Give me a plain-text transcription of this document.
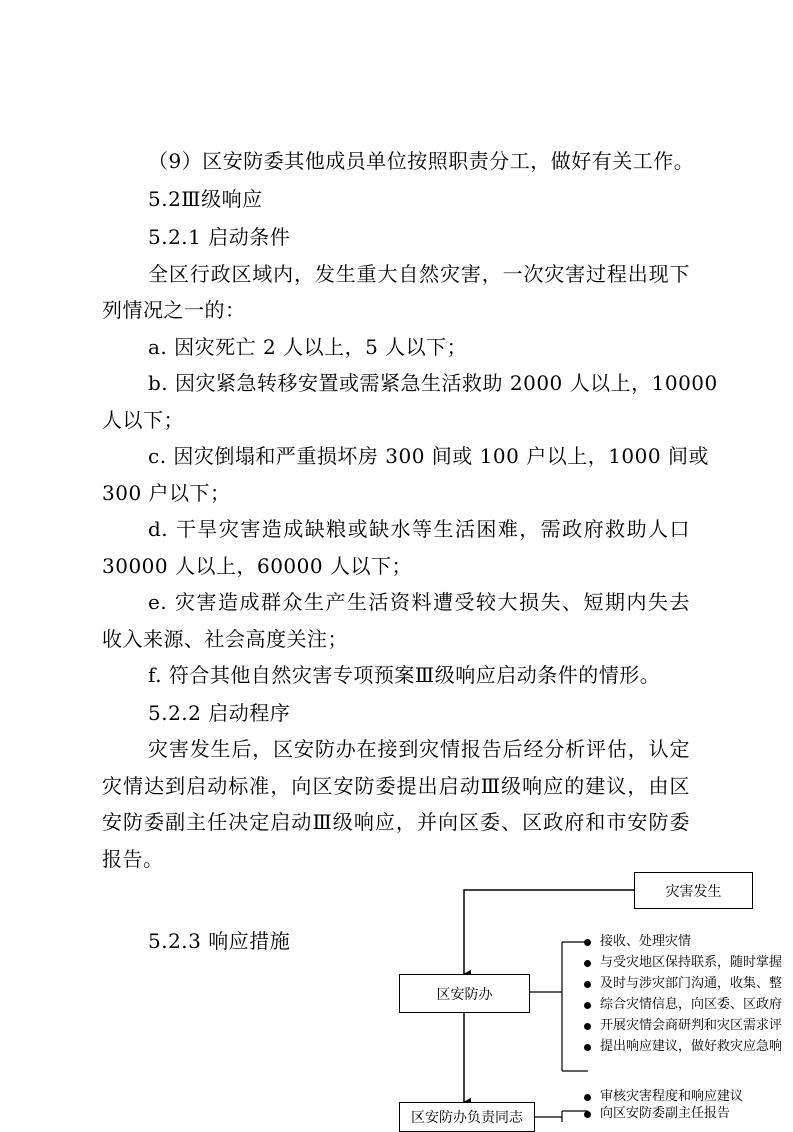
（9）区安防委其他成员单位按照职责分工，做好有关工作。

5.2Ⅲ级响应

5.2.1 启动条件

全区行政区域内，发生重大自然灾害，一次灾害过程出现下

列情况之一的：

a. 因灾死亡 2 人以上，5 人以下；

b. 因灾紧急转移安置或需紧急生活救助 2000 人以上，10000

人以下；

c. 因灾倒塌和严重损坏房 300 间或 100 户以上，1000 间或

300 户以下；

d. 干旱灾害造成缺粮或缺水等生活困难，需政府救助人口

30000 人以上，60000 人以下；

e. 灾害造成群众生产生活资料遭受较大损失、短期内失去

收入来源、社会高度关注；

f. 符合其他自然灾害专项预案Ⅲ级响应启动条件的情形。

5.2.2 启动程序

灾害发生后，区安防办在接到灾情报告后经分析评估，认定

灾情达到启动标准，向区安防委提出启动Ⅲ级响应的建议，由区

安防委副主任决定启动Ⅲ级响应，并向区委、区政府和市安防委

报告。

5.2.3 响应措施

灾害发生
区安防办
区安防办负责同志
接收、处理灾情
与受灾地区保持联系，随时掌握
及时与涉灾部门沟通，收集、整
综合灾情信息，向区委、区政府
开展灾情会商研判和灾区需求评
提出响应建议，做好救灾应急响
审核灾害程度和响应建议
向区安防委副主任报告
